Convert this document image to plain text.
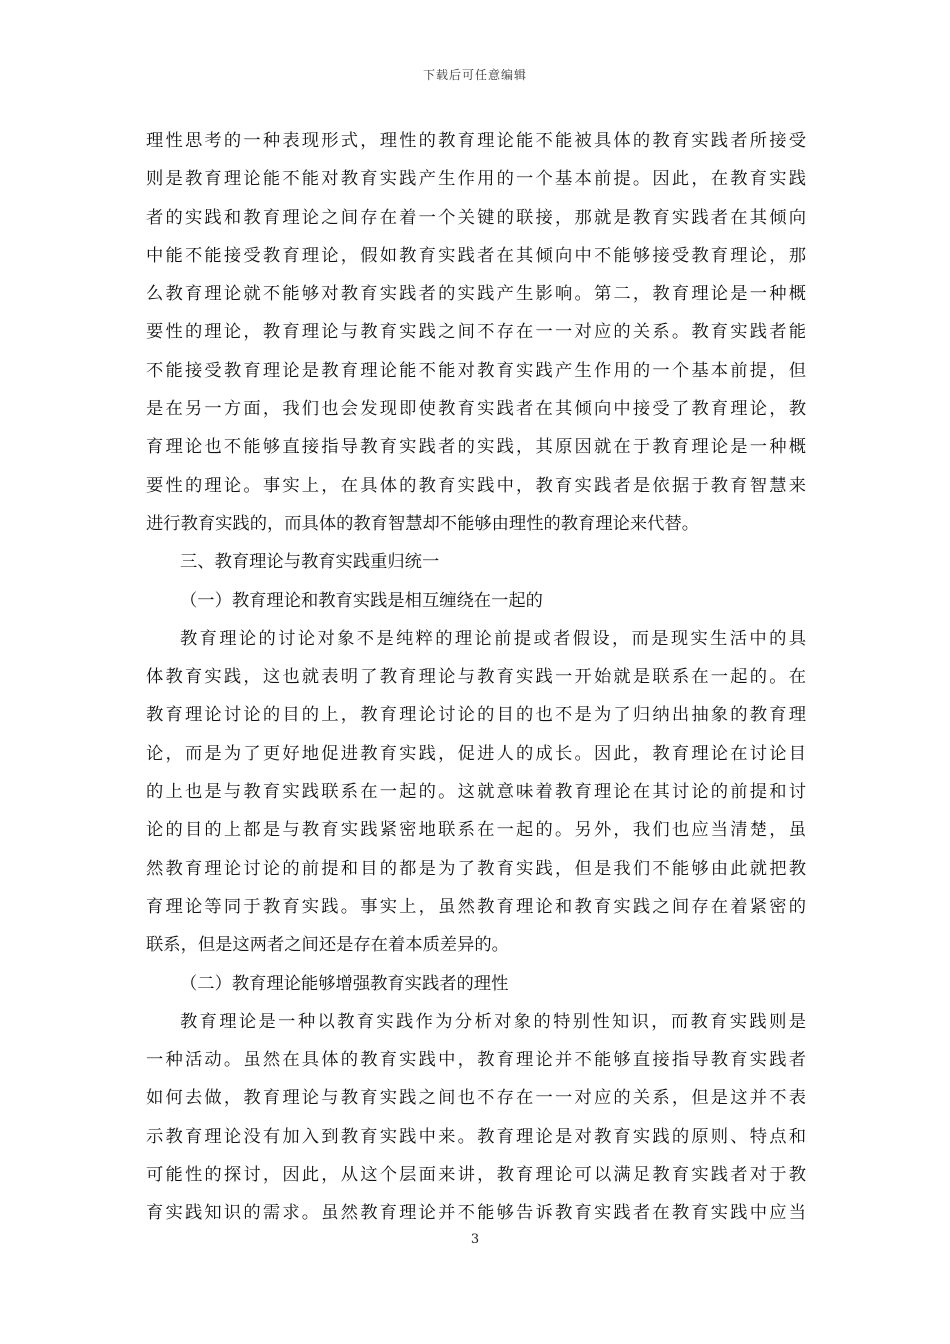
下载后可任意编辑
理性思考的一种表现形式，理性的教育理论能不能被具体的教育实践者所接受
则是教育理论能不能对教育实践产生作用的一个基本前提。因此，在教育实践
者的实践和教育理论之间存在着一个关键的联接，那就是教育实践者在其倾向
中能不能接受教育理论，假如教育实践者在其倾向中不能够接受教育理论，那
么教育理论就不能够对教育实践者的实践产生影响。第二，教育理论是一种概
要性的理论，教育理论与教育实践之间不存在一一对应的关系。教育实践者能
不能接受教育理论是教育理论能不能对教育实践产生作用的一个基本前提，但
是在另一方面，我们也会发现即使教育实践者在其倾向中接受了教育理论，教
育理论也不能够直接指导教育实践者的实践，其原因就在于教育理论是一种概
要性的理论。事实上，在具体的教育实践中，教育实践者是依据于教育智慧来
进行教育实践的，而具体的教育智慧却不能够由理性的教育理论来代替。
三、教育理论与教育实践重归统一
（一）教育理论和教育实践是相互缠绕在一起的
教育理论的讨论对象不是纯粹的理论前提或者假设，而是现实生活中的具
体教育实践，这也就表明了教育理论与教育实践一开始就是联系在一起的。在
教育理论讨论的目的上，教育理论讨论的目的也不是为了归纳出抽象的教育理
论，而是为了更好地促进教育实践，促进人的成长。因此，教育理论在讨论目
的上也是与教育实践联系在一起的。这就意味着教育理论在其讨论的前提和讨
论的目的上都是与教育实践紧密地联系在一起的。另外，我们也应当清楚，虽
然教育理论讨论的前提和目的都是为了教育实践，但是我们不能够由此就把教
育理论等同于教育实践。事实上，虽然教育理论和教育实践之间存在着紧密的
联系，但是这两者之间还是存在着本质差异的。
（二）教育理论能够增强教育实践者的理性
教育理论是一种以教育实践作为分析对象的特别性知识，而教育实践则是
一种活动。虽然在具体的教育实践中，教育理论并不能够直接指导教育实践者
如何去做，教育理论与教育实践之间也不存在一一对应的关系，但是这并不表
示教育理论没有加入到教育实践中来。教育理论是对教育实践的原则、特点和
可能性的探讨，因此，从这个层面来讲，教育理论可以满足教育实践者对于教
育实践知识的需求。虽然教育理论并不能够告诉教育实践者在教育实践中应当
3
